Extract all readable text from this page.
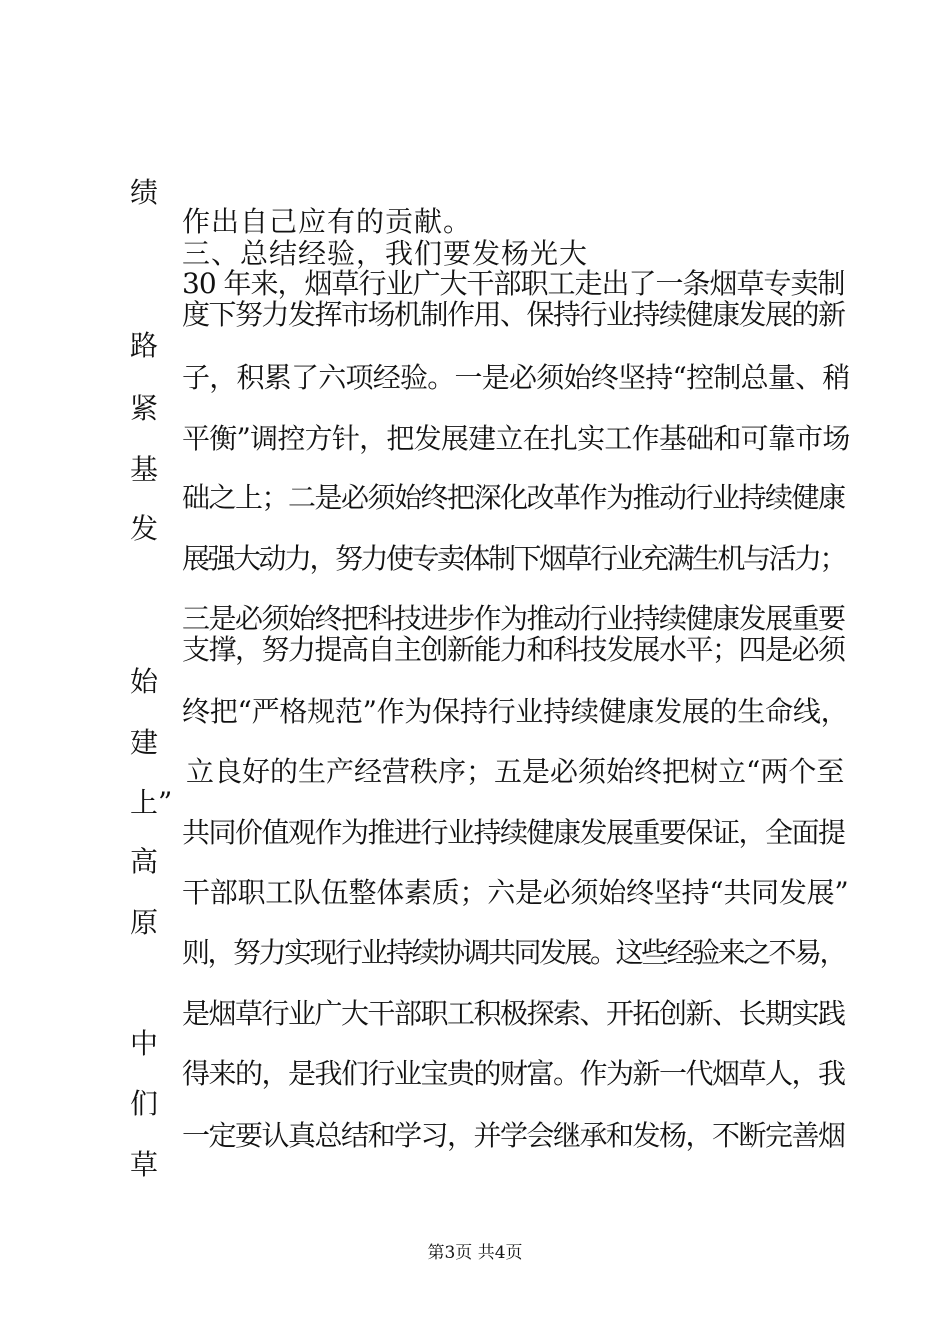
绩
路
紧
基
发
始
建
上”
高
原
中
们
草
作出自己应有的贡献。
三、总结经验，我们要发杨光大
30 年来，烟草行业广大干部职工走出了一条烟草专卖制
度下努力发挥市场机制作用、保持行业持续健康发展的新
子，积累了六项经验。一是必须始终坚持“控制总量、稍
平衡”调控方针，把发展建立在扎实工作基础和可靠市场
础之上；二是必须始终把深化改革作为推动行业持续健康
展强大动力，努力使专卖体制下烟草行业充满生机与活力；
三是必须始终把科技进步作为推动行业持续健康发展重要
支撑，努力提高自主创新能力和科技发展水平；四是必须
终把“严格规范”作为保持行业持续健康发展的生命线，
立良好的生产经营秩序；五是必须始终把树立“两个至
共同价值观作为推进行业持续健康发展重要保证，全面提
干部职工队伍整体素质；六是必须始终坚持“共同发展”
则，努力实现行业持续协调共同发展。这些经验来之不易，
是烟草行业广大干部职工积极探索、开拓创新、长期实践
得来的，是我们行业宝贵的财富。作为新一代烟草人，我
一定要认真总结和学习，并学会继承和发杨，不断完善烟
第3页 共4页
